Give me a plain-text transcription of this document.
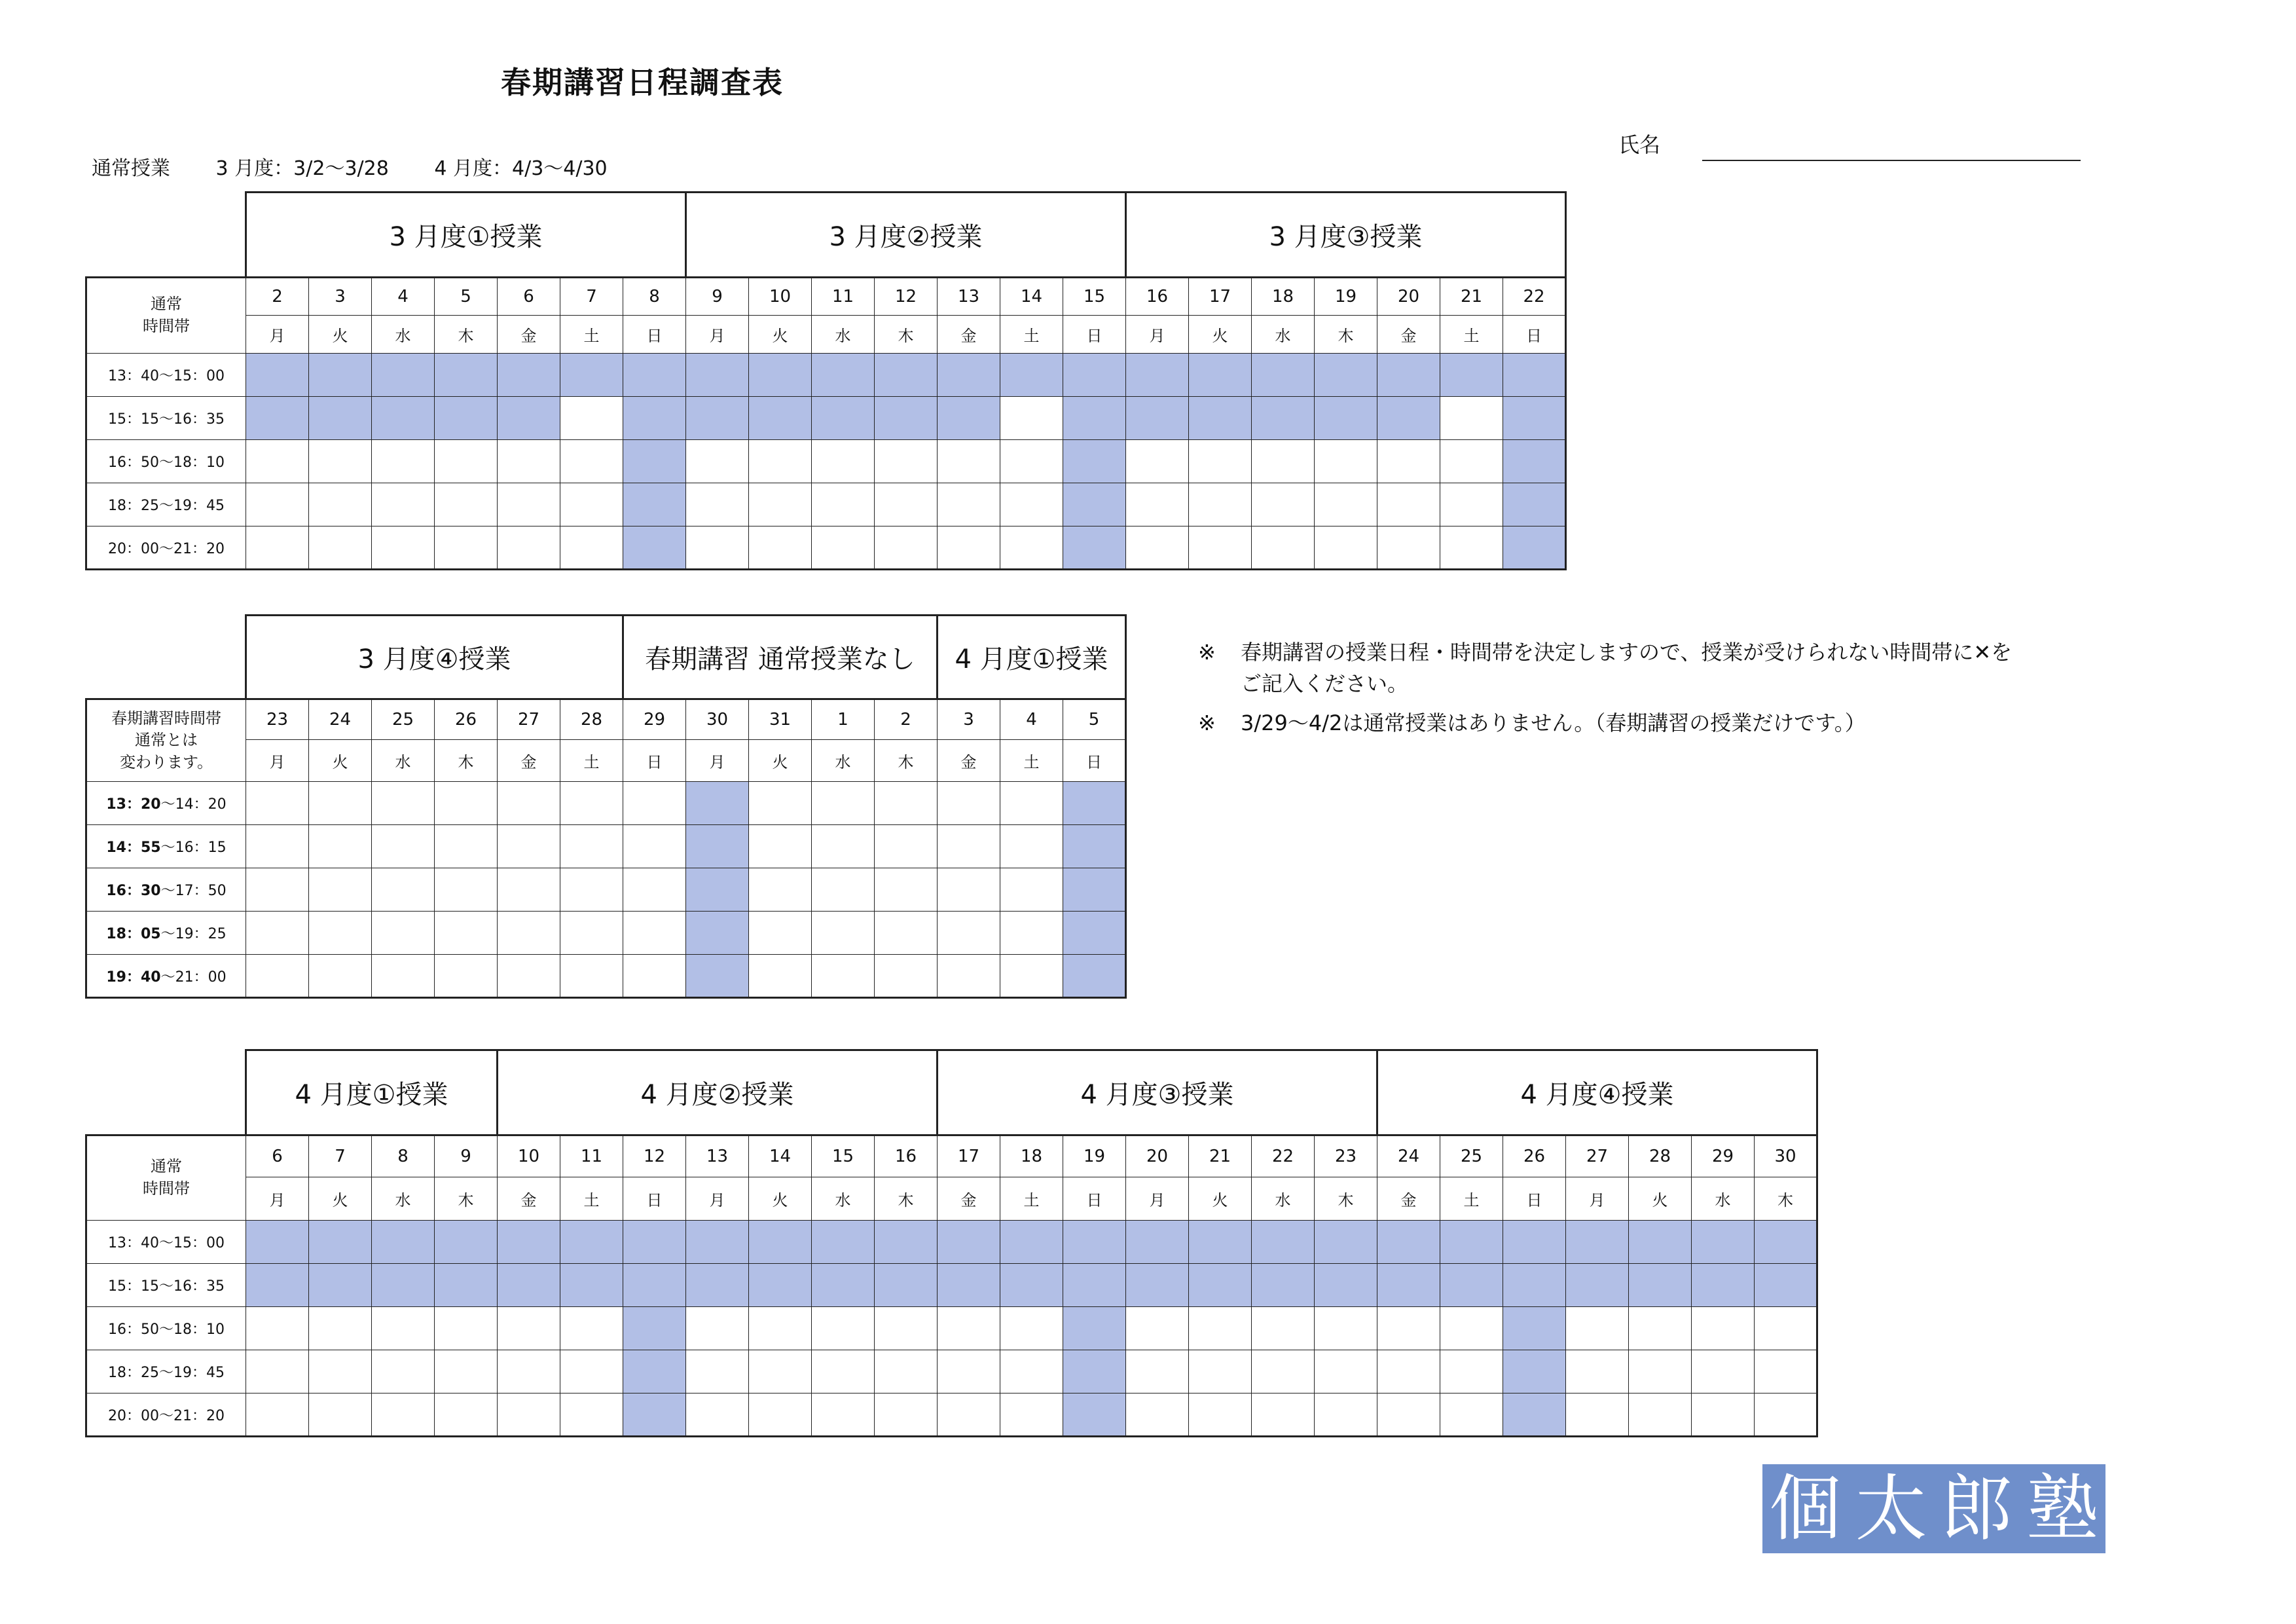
春期講習日程調査表
通常授業 3 月度：3/2〜3/28 4 月度：4/3〜4/30
氏名
	3 月度①授業							3 月度②授業							3 月度③授業						
通常
時間帯	2	3	4	5	6	7	8	9	10	11	12	13	14	15	16	17	18	19	20	21	22
	月	火	水	木	金	土	日	月	火	水	木	金	土	日	月	火	水	木	金	土	日
13：40〜15：00																					
15：15〜16：35																					
16：50〜18：10																					
18：25〜19：45																					
20：00〜21：20																					
	3 月度④授業						春期講習 通常授業なし					4 月度①授業		
春期講習時間帯
通常とは
変わります。	23	24	25	26	27	28	29	30	31	1	2	3	4	5
	月	火	水	木	金	土	日	月	火	水	木	金	土	日
13：20〜14：20														
14：55〜16：15														
16：30〜17：50														
18：05〜19：25														
19：40〜21：00														
	4 月度①授業				4 月度②授業							4 月度③授業							4 月度④授業						
通常
時間帯	6	7	8	9	10	11	12	13	14	15	16	17	18	19	20	21	22	23	24	25	26	27	28	29	30
	月	火	水	木	金	土	日	月	火	水	木	金	土	日	月	火	水	木	金	土	日	月	火	水	木
13：40〜15：00																									
15：15〜16：35																									
16：50〜18：10																									
18：25〜19：45																									
20：00〜21：20																									
※ 春期講習の授業日程・時間帯を決定しますので、授業が受けられない時間帯に✕を
ご記入ください。
※ 3/29〜4/2は通常授業はありません。（春期講習の授業だけです。）
個 太 郎 塾
